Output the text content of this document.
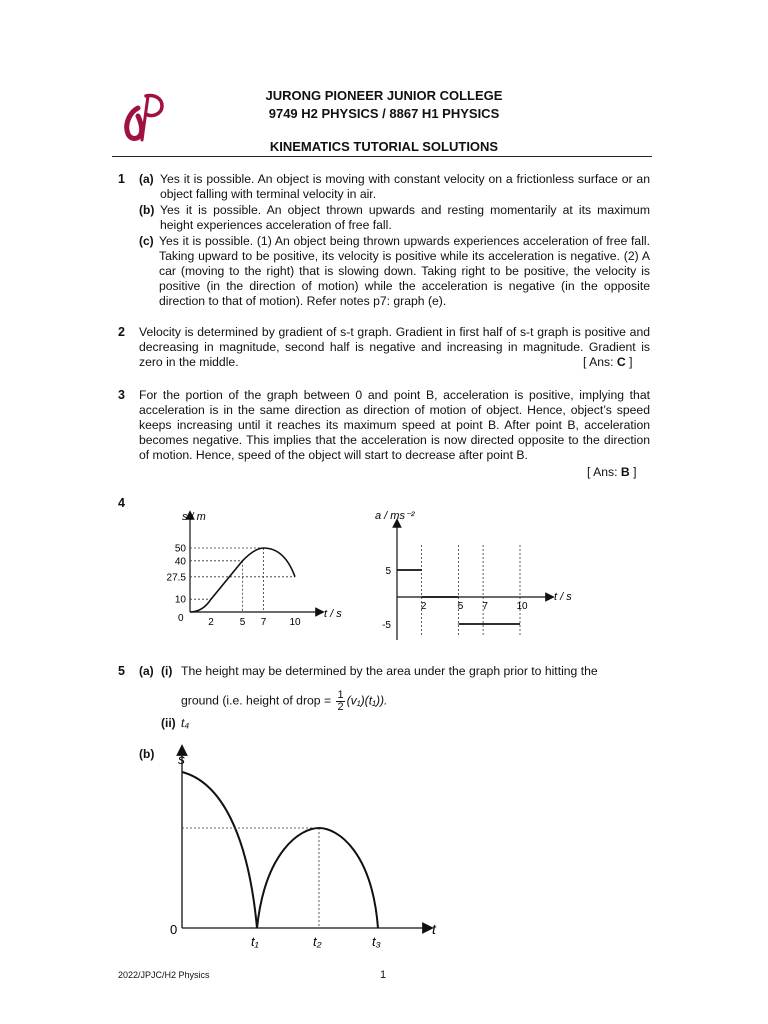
JURONG PIONEER JUNIOR COLLEGE
9749 H2 PHYSICS / 8867 H1 PHYSICS
KINEMATICS TUTORIAL SOLUTIONS
1 (a) Yes it is possible. An object is moving with constant velocity on a frictionless surface or an object falling with terminal velocity in air.
(b) Yes it is possible. An object thrown upwards and resting momentarily at its maximum height experiences acceleration of free fall.
(c) Yes it is possible. (1) An object being thrown upwards experiences acceleration of free fall. Taking upward to be positive, its velocity is positive while its acceleration is negative. (2) A car (moving to the right) that is slowing down. Taking right to be positive, the velocity is positive (in the direction of motion) while the acceleration is negative (in the opposite direction to that of motion). Refer notes p7: graph (e).
2 Velocity is determined by gradient of s-t graph. Gradient in first half of s-t graph is positive and decreasing in magnitude, second half is negative and increasing in magnitude. Gradient is zero in the middle.	[ Ans: C ]
3 For the portion of the graph between 0 and point B, acceleration is positive, implying that acceleration is in the same direction as direction of motion of object. Hence, object’s speed keeps increasing until it reaches its maximum speed at point B. After point B, acceleration becomes negative. This implies that the acceleration is now directed opposite to the direction of motion. Hence, speed of the object will start to decrease after point B.
[ Ans: B ]
4
s / m
t / s
0 2	5 7 10
10
27.5
40
50
a / ms⁻²
t / s
2	5 7	10
5
-5
5 (a) (i) The height may be determined by the area under the graph prior to hitting the
ground (i.e. height of drop = $\frac{1}{2} (v_1)(t_1)$).
(ii) t₄
(b) s
t
0
t₁	t₂	t₃
2022/JPJC/H2 Physics	1
